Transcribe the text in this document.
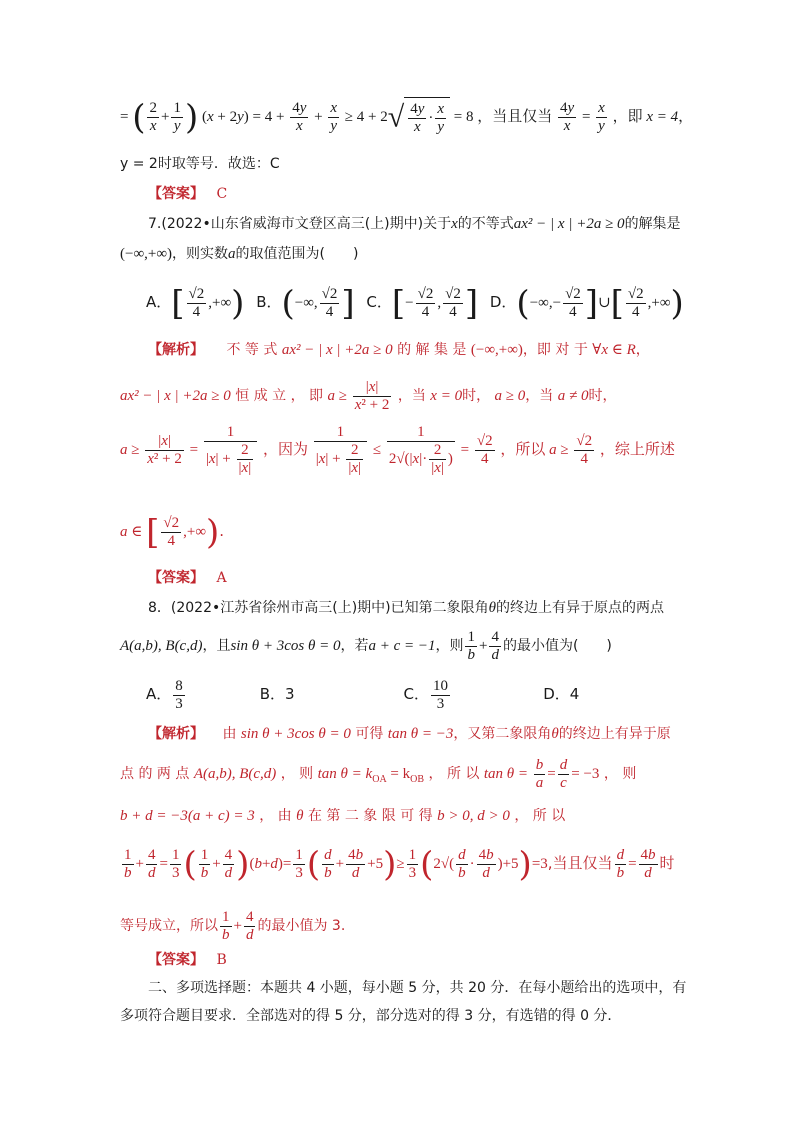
= ( $\frac{2}{x} + \frac{1}{y}$ ) $(x + 2y) = 4 + \frac{4y}{x} + \frac{x}{y} \ge 4 + 2√ \frac{4y}{x} \cdot \frac{x}{y} = 8$ ，当且仅当 $\frac{4y}{x} = \frac{x}{y}$ ，即 x = 4，
y = 2时取等号．故选：C
【答案】 C
7.(2022•山东省威海市文登区高三(上)期中)关于x的不等式ax² − | x | +2a ≥ 0的解集是
(−∞,+∞)，则实数a的取值范围为(　　)
A．[ $\frac{√2}{4}$ ,+∞) B．(−∞, $\frac{√2}{4}$ ] C．[− $\frac{√2}{4}$ , $\frac{√2}{4}$ ] D．(−∞,− $\frac{√2}{4}$ ]∪[ $\frac{√2}{4}$ ,+∞)
【解析】 不 等 式 ax² − | x | +2a ≥ 0 的 解 集 是 (−∞,+∞)，即 对 于 ∀x ∈ R，
ax² − | x | +2a ≥ 0 恒 成 立 ， 即 $a \ge \frac{|x|}{\text{x² + 2}}$ ，当 x = 0时， a ≥ 0，当 a ≠ 0时，
$a \ge \frac{|x|}{\text{x² + 2}} = \frac{1}{|x| + \frac{2}{|x|}}$ ，因为 $\frac{1}{|x| + \frac{2}{|x|}} \le \frac{1}{2√(|x|\cdot \frac{2}{|x|} )} = \frac{√2}{4}$ ，所以 $a \ge \frac{√2}{4}$ ，综上所述
a ∈ [ $\frac{√2}{4}$ ,+∞).
【答案】 A
8．(2022•江苏省徐州市高三(上)期中)已知第二象限角θ的终边上有异于原点的两点
A(a,b), B(c,d)，且sin θ + 3cos θ = 0，若a + c = −1，则 $\frac{1}{b} + \frac{4}{d}$ 的最小值为(　　)
A． $\frac{8}{3}$	B．3	C． $\frac{10}{3}$	D．4
【解析】 由 sin θ + 3cos θ = 0 可得 tan θ = −3，又第二象限角θ的终边上有异于原
点 的 两 点 A(a,b), B(c,d) ， 则 $\tan \theta = k_{OA} = k_{OB}$ ， 所 以 $\tan \theta = \frac{b}{a} = \frac{d}{c} = -3$ ， 则
b + d = −3(a + c) = 3 ， 由 θ 在 第 二 象 限 可 得 b > 0, d > 0 ， 所 以
$\frac{1}{b} + \frac{4}{d} = \frac{1}{3}$ ( $\frac{1}{b} + \frac{4}{d} )(b+d)= \frac{1}{3}$ ( $\frac{d}{b} + \frac{4b}{d} +5)\ge \frac{1}{3} (2√( \frac{d}{b} \cdot \frac{4b}{d} )+5)=3$,当且仅当 $\frac{d}{b} = \frac{4b}{d}$ 时
等号成立，所以 $\frac{1}{b} + \frac{4}{d}$ 的最小值为 3.
【答案】 B
二、多项选择题：本题共 4 小题，每小题 5 分，共 20 分．在每小题给出的选项中，有
多项符合题目要求．全部选对的得 5 分，部分选对的得 3 分，有选错的得 0 分．
